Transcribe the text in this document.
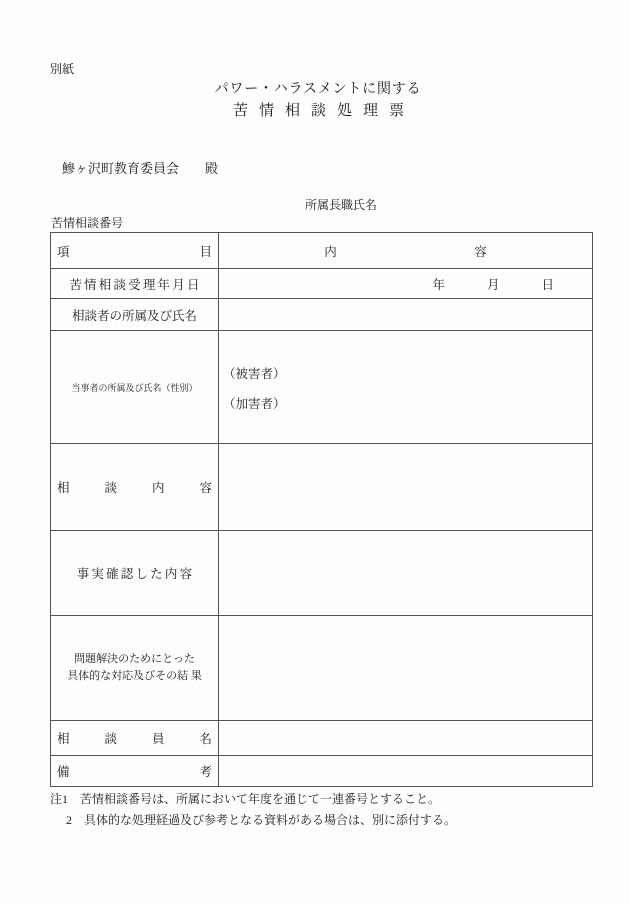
別紙
パワー・ハラスメントに関する
苦情相談処理票
鰺ヶ沢町教育委員会　　殿
所属長職氏名
苦情相談番号
項　　　　　　目	内　　　　　　　　　　　容

苦情相談受理年月日	年 月 日

相談者の所属及び氏名	

当事者の所属及び氏名（性別）	（被害者）
（加害者）

相　　談　　内　　容	

事実確認した内容	

問題解決のためにとった
具体的な対応及びその結 果	

相　　談　　員　　名	

備　　　　　　　　考	

注1　苦情相談番号は、所属において年度を通じて一連番号とすること。
2　具体的な処理経過及び参考となる資料がある場合は、別に添付する。
